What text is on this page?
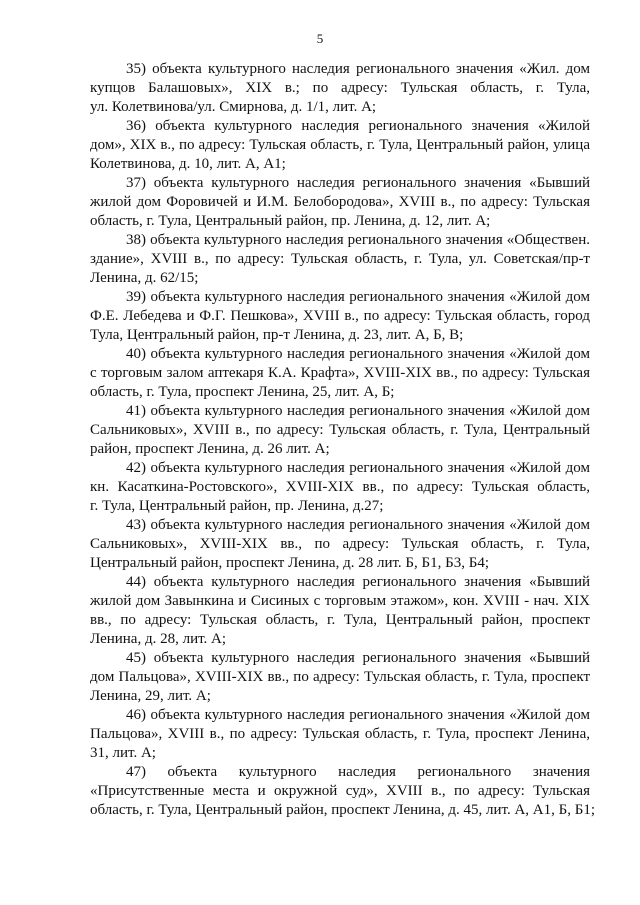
5
35) объекта культурного наследия регионального значения «Жил. дом
купцов Балашовых», XIX в.; по адресу: Тульская область, г. Тула,
ул. Колетвинова/ул. Смирнова, д. 1/1, лит. А;
36) объекта культурного наследия регионального значения «Жилой
дом», XIX в., по адресу: Тульская область, г. Тула, Центральный район, улица
Колетвинова, д. 10, лит. А, А1;
37) объекта культурного наследия регионального значения «Бывший
жилой дом Форовичей и И.М. Белобородова», XVIII в., по адресу: Тульская
область, г. Тула, Центральный район, пр. Ленина, д. 12, лит. А;
38) объекта культурного наследия регионального значения «Обществен.
здание», XVIII в., по адресу: Тульская область, г. Тула, ул. Советская/пр-т
Ленина, д. 62/15;
39) объекта культурного наследия регионального значения «Жилой дом
Ф.Е. Лебедева и Ф.Г. Пешкова», XVIII в., по адресу: Тульская область, город
Тула, Центральный район, пр-т Ленина, д. 23, лит. А, Б, В;
40) объекта культурного наследия регионального значения «Жилой дом
с торговым залом аптекаря К.А. Крафта», XVIII-XIX вв., по адресу: Тульская
область, г. Тула, проспект Ленина, 25, лит. А, Б;
41) объекта культурного наследия регионального значения «Жилой дом
Сальниковых», XVIII в., по адресу: Тульская область, г. Тула, Центральный
район, проспект Ленина, д. 26 лит. А;
42) объекта культурного наследия регионального значения «Жилой дом
кн. Касаткина-Ростовского», XVIII-XIX вв., по адресу: Тульская область,
г. Тула, Центральный район, пр. Ленина, д.27;
43) объекта культурного наследия регионального значения «Жилой дом
Сальниковых», XVIII-XIX вв., по адресу: Тульская область, г. Тула,
Центральный район, проспект Ленина, д. 28 лит. Б, Б1, Б3, Б4;
44) объекта культурного наследия регионального значения «Бывший
жилой дом Завынкина и Сисиных с торговым этажом», кон. XVIII - нач. XIX
вв., по адресу: Тульская область, г. Тула, Центральный район, проспект
Ленина, д. 28, лит. А;
45) объекта культурного наследия регионального значения «Бывший
дом Пальцова», XVIII-XIX вв., по адресу: Тульская область, г. Тула, проспект
Ленина, 29, лит. А;
46) объекта культурного наследия регионального значения «Жилой дом
Пальцова», XVIII в., по адресу: Тульская область, г. Тула, проспект Ленина,
31, лит. А;
47) объекта культурного наследия регионального значения
«Присутственные места и окружной суд», XVIII в., по адресу: Тульская
область, г. Тула, Центральный район, проспект Ленина, д. 45, лит. А, А1, Б, Б1;
